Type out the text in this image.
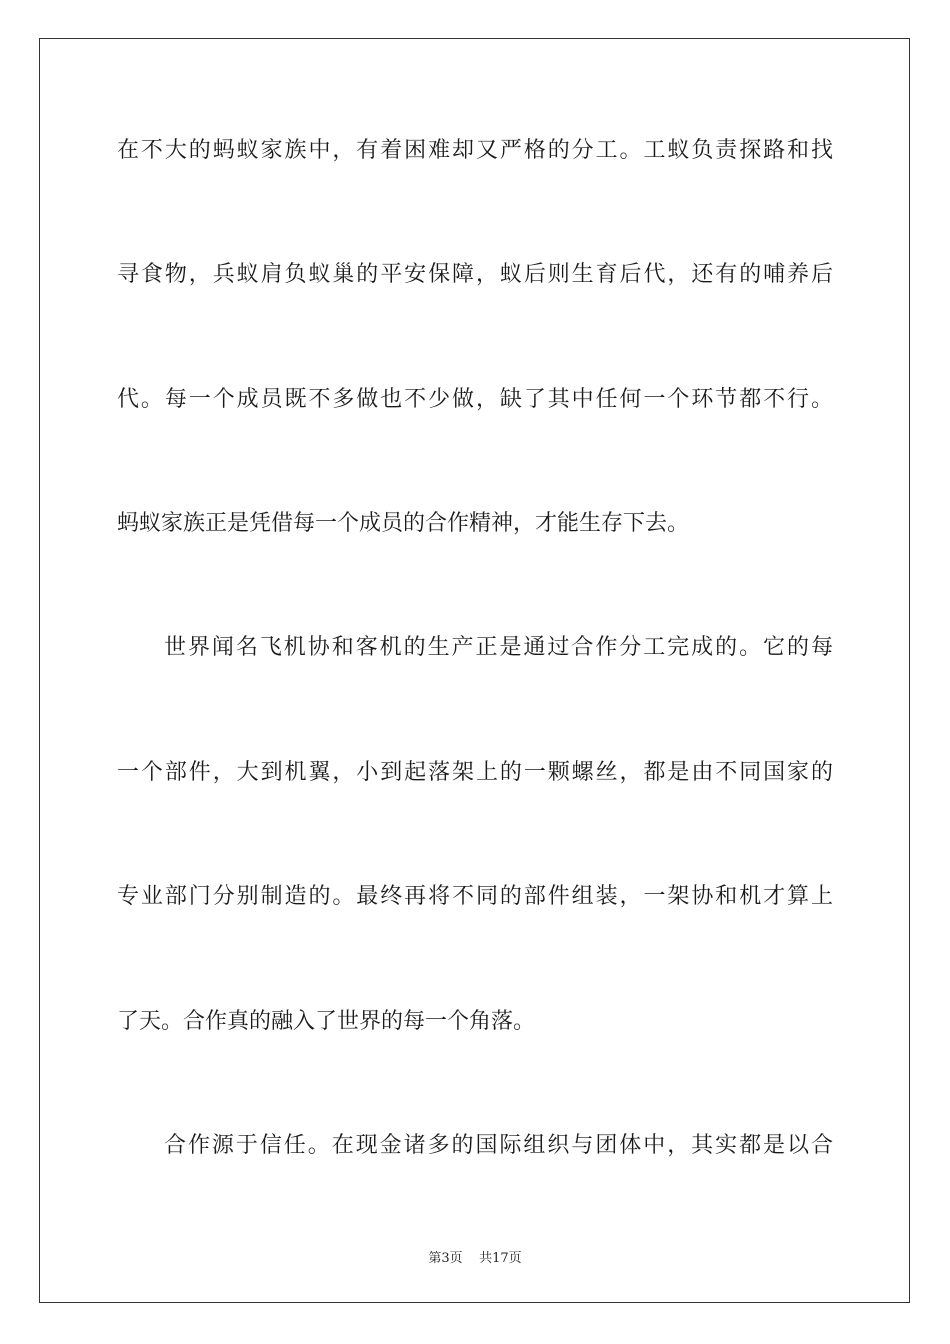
在不大的蚂蚁家族中，有着困难却又严格的分工。工蚁负责探路和找
寻食物，兵蚁肩负蚁巢的平安保障，蚁后则生育后代，还有的哺养后
代。每一个成员既不多做也不少做，缺了其中任何一个环节都不行。
蚂蚁家族正是凭借每一个成员的合作精神，才能生存下去。
世界闻名飞机协和客机的生产正是通过合作分工完成的。它的每
一个部件，大到机翼，小到起落架上的一颗螺丝，都是由不同国家的
专业部门分别制造的。最终再将不同的部件组装，一架协和机才算上
了天。合作真的融入了世界的每一个角落。
合作源于信任。在现金诸多的国际组织与团体中，其实都是以合
第3页 共17页
